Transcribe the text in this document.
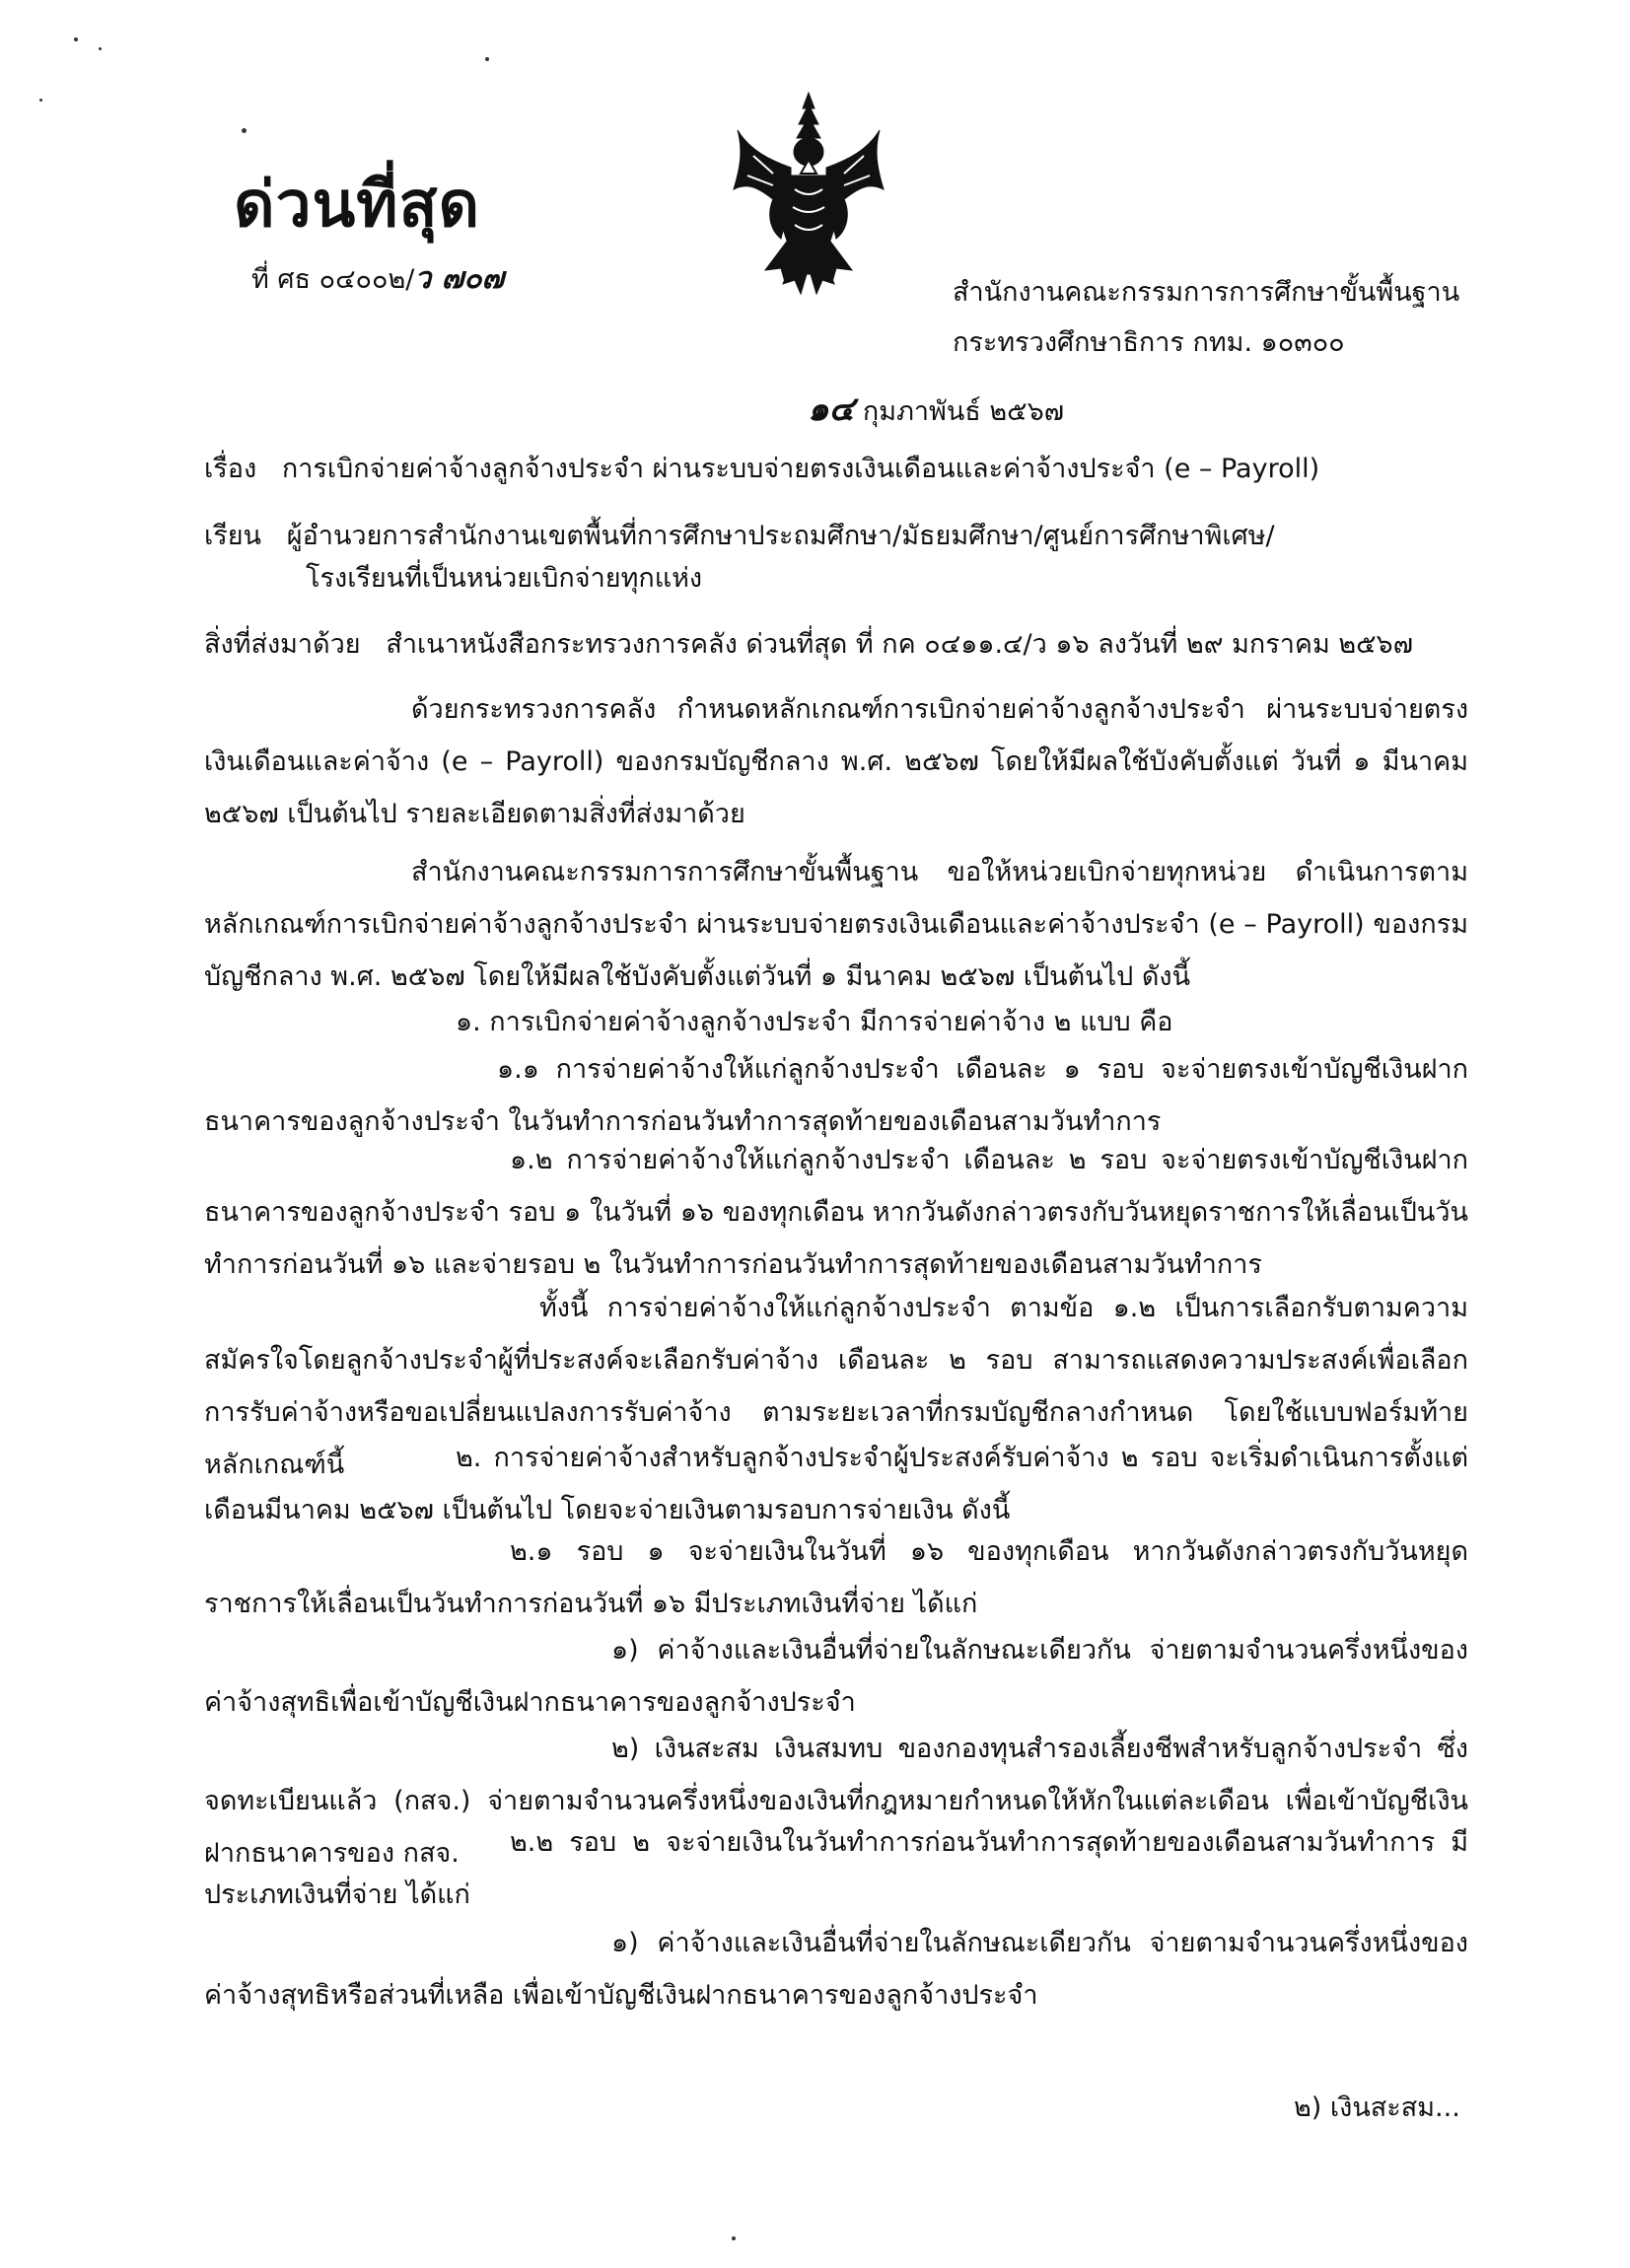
ด่วนที่สุด
ที่ ศธ ๐๔๐๐๒/ว ๗๐๗	สำนักงานคณะกรรมการการศึกษาขั้นพื้นฐาน
กระทรวงศึกษาธิการ กทม. ๑๐๓๐๐
๑๔ กุมภาพันธ์ ๒๕๖๗
เรื่อง การเบิกจ่ายค่าจ้างลูกจ้างประจำ ผ่านระบบจ่ายตรงเงินเดือนและค่าจ้างประจำ (e – Payroll)
เรียน ผู้อำนวยการสำนักงานเขตพื้นที่การศึกษาประถมศึกษา/มัธยมศึกษา/ศูนย์การศึกษาพิเศษ/
โรงเรียนที่เป็นหน่วยเบิกจ่ายทุกแห่ง
สิ่งที่ส่งมาด้วย สำเนาหนังสือกระทรวงการคลัง ด่วนที่สุด ที่ กค ๐๔๑๑.๔/ว ๑๖ ลงวันที่ ๒๙ มกราคม ๒๕๖๗
ด้วยกระทรวงการคลัง กำหนดหลักเกณฑ์การเบิกจ่ายค่าจ้างลูกจ้างประจำ ผ่านระบบจ่ายตรงเงินเดือนและค่าจ้าง (e – Payroll) ของกรมบัญชีกลาง พ.ศ. ๒๕๖๗ โดยให้มีผลใช้บังคับตั้งแต่ วันที่ ๑ มีนาคม ๒๕๖๗ เป็นต้นไป รายละเอียดตามสิ่งที่ส่งมาด้วย
สำนักงานคณะกรรมการการศึกษาขั้นพื้นฐาน ขอให้หน่วยเบิกจ่ายทุกหน่วย ดำเนินการตามหลักเกณฑ์การเบิกจ่ายค่าจ้างลูกจ้างประจำ ผ่านระบบจ่ายตรงเงินเดือนและค่าจ้างประจำ (e – Payroll) ของกรมบัญชีกลาง พ.ศ. ๒๕๖๗ โดยให้มีผลใช้บังคับตั้งแต่วันที่ ๑ มีนาคม ๒๕๖๗ เป็นต้นไป ดังนี้
๑. การเบิกจ่ายค่าจ้างลูกจ้างประจำ มีการจ่ายค่าจ้าง ๒ แบบ คือ
๑.๑ การจ่ายค่าจ้างให้แก่ลูกจ้างประจำ เดือนละ ๑ รอบ จะจ่ายตรงเข้าบัญชีเงินฝากธนาคารของลูกจ้างประจำ ในวันทำการก่อนวันทำการสุดท้ายของเดือนสามวันทำการ
๑.๒ การจ่ายค่าจ้างให้แก่ลูกจ้างประจำ เดือนละ ๒ รอบ จะจ่ายตรงเข้าบัญชีเงินฝากธนาคารของลูกจ้างประจำ รอบ ๑ ในวันที่ ๑๖ ของทุกเดือน หากวันดังกล่าวตรงกับวันหยุดราชการให้เลื่อนเป็นวันทำการก่อนวันที่ ๑๖ และจ่ายรอบ ๒ ในวันทำการก่อนวันทำการสุดท้ายของเดือนสามวันทำการ
ทั้งนี้ การจ่ายค่าจ้างให้แก่ลูกจ้างประจำ ตามข้อ ๑.๒ เป็นการเลือกรับตามความสมัครใจโดยลูกจ้างประจำผู้ที่ประสงค์จะเลือกรับค่าจ้าง เดือนละ ๒ รอบ สามารถแสดงความประสงค์เพื่อเลือกการรับค่าจ้างหรือขอเปลี่ยนแปลงการรับค่าจ้าง ตามระยะเวลาที่กรมบัญชีกลางกำหนด โดยใช้แบบฟอร์มท้ายหลักเกณฑ์นี้	๒. การจ่ายค่าจ้างสำหรับลูกจ้างประจำผู้ประสงค์รับค่าจ้าง ๒ รอบ จะเริ่มดำเนินการตั้งแต่เดือนมีนาคม ๒๕๖๗ เป็นต้นไป โดยจะจ่ายเงินตามรอบการจ่ายเงิน ดังนี้
๒.๑ รอบ ๑ จะจ่ายเงินในวันที่ ๑๖ ของทุกเดือน หากวันดังกล่าวตรงกับวันหยุดราชการให้เลื่อนเป็นวันทำการก่อนวันที่ ๑๖ มีประเภทเงินที่จ่าย ได้แก่
๑) ค่าจ้างและเงินอื่นที่จ่ายในลักษณะเดียวกัน จ่ายตามจำนวนครึ่งหนึ่งของค่าจ้างสุทธิเพื่อเข้าบัญชีเงินฝากธนาคารของลูกจ้างประจำ
๒) เงินสะสม เงินสมทบ ของกองทุนสำรองเลี้ยงชีพสำหรับลูกจ้างประจำ ซึ่งจดทะเบียนแล้ว (กสจ.) จ่ายตามจำนวนครึ่งหนึ่งของเงินที่กฎหมายกำหนดให้หักในแต่ละเดือน เพื่อเข้าบัญชีเงินฝากธนาคารของ กสจ.	๒.๒ รอบ ๒ จะจ่ายเงินในวันทำการก่อนวันทำการสุดท้ายของเดือนสามวันทำการ มีประเภทเงินที่จ่าย ได้แก่
๑) ค่าจ้างและเงินอื่นที่จ่ายในลักษณะเดียวกัน จ่ายตามจำนวนครึ่งหนึ่งของค่าจ้างสุทธิหรือส่วนที่เหลือ เพื่อเข้าบัญชีเงินฝากธนาคารของลูกจ้างประจำ
๒) เงินสะสม...
